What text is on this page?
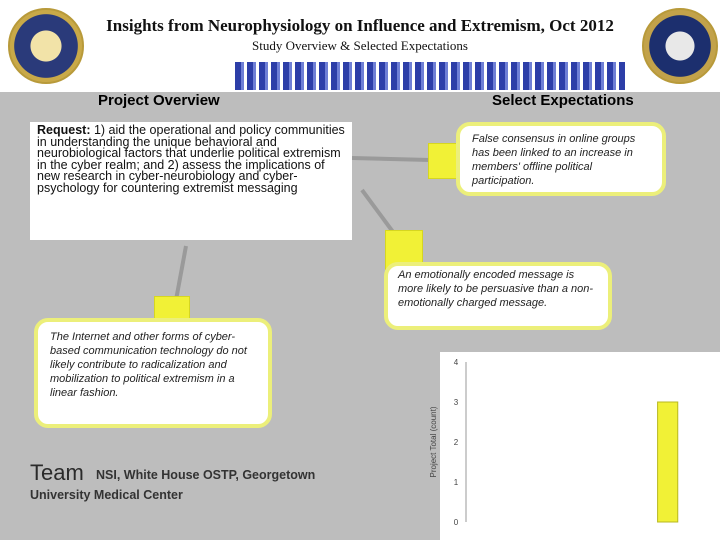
Insights from Neurophysiology on Influence and Extremism, Oct 2012
Study Overview & Selected Expectations
Project Overview	Select Expectations
Request: 1) aid the operational and policy communities in understanding the unique behavioral and neurobiological factors that underlie political extremism in the cyber realm; and 2) assess the implications of new research in cyber-neurobiology and cyber-psychology for countering extremist messaging
False consensus in online groups has been linked to an increase in members' offline political participation.
An emotionally encoded message is more likely to be persuasive than a non-emotionally charged message.
The Internet and other forms of cyber-based communication technology do not likely contribute to radicalization and mobilization to political extremism in a linear fashion.
Team NSI, White House OSTP, Georgetown
University Medical Center
0
1
2
3
4
Project Total (count)
